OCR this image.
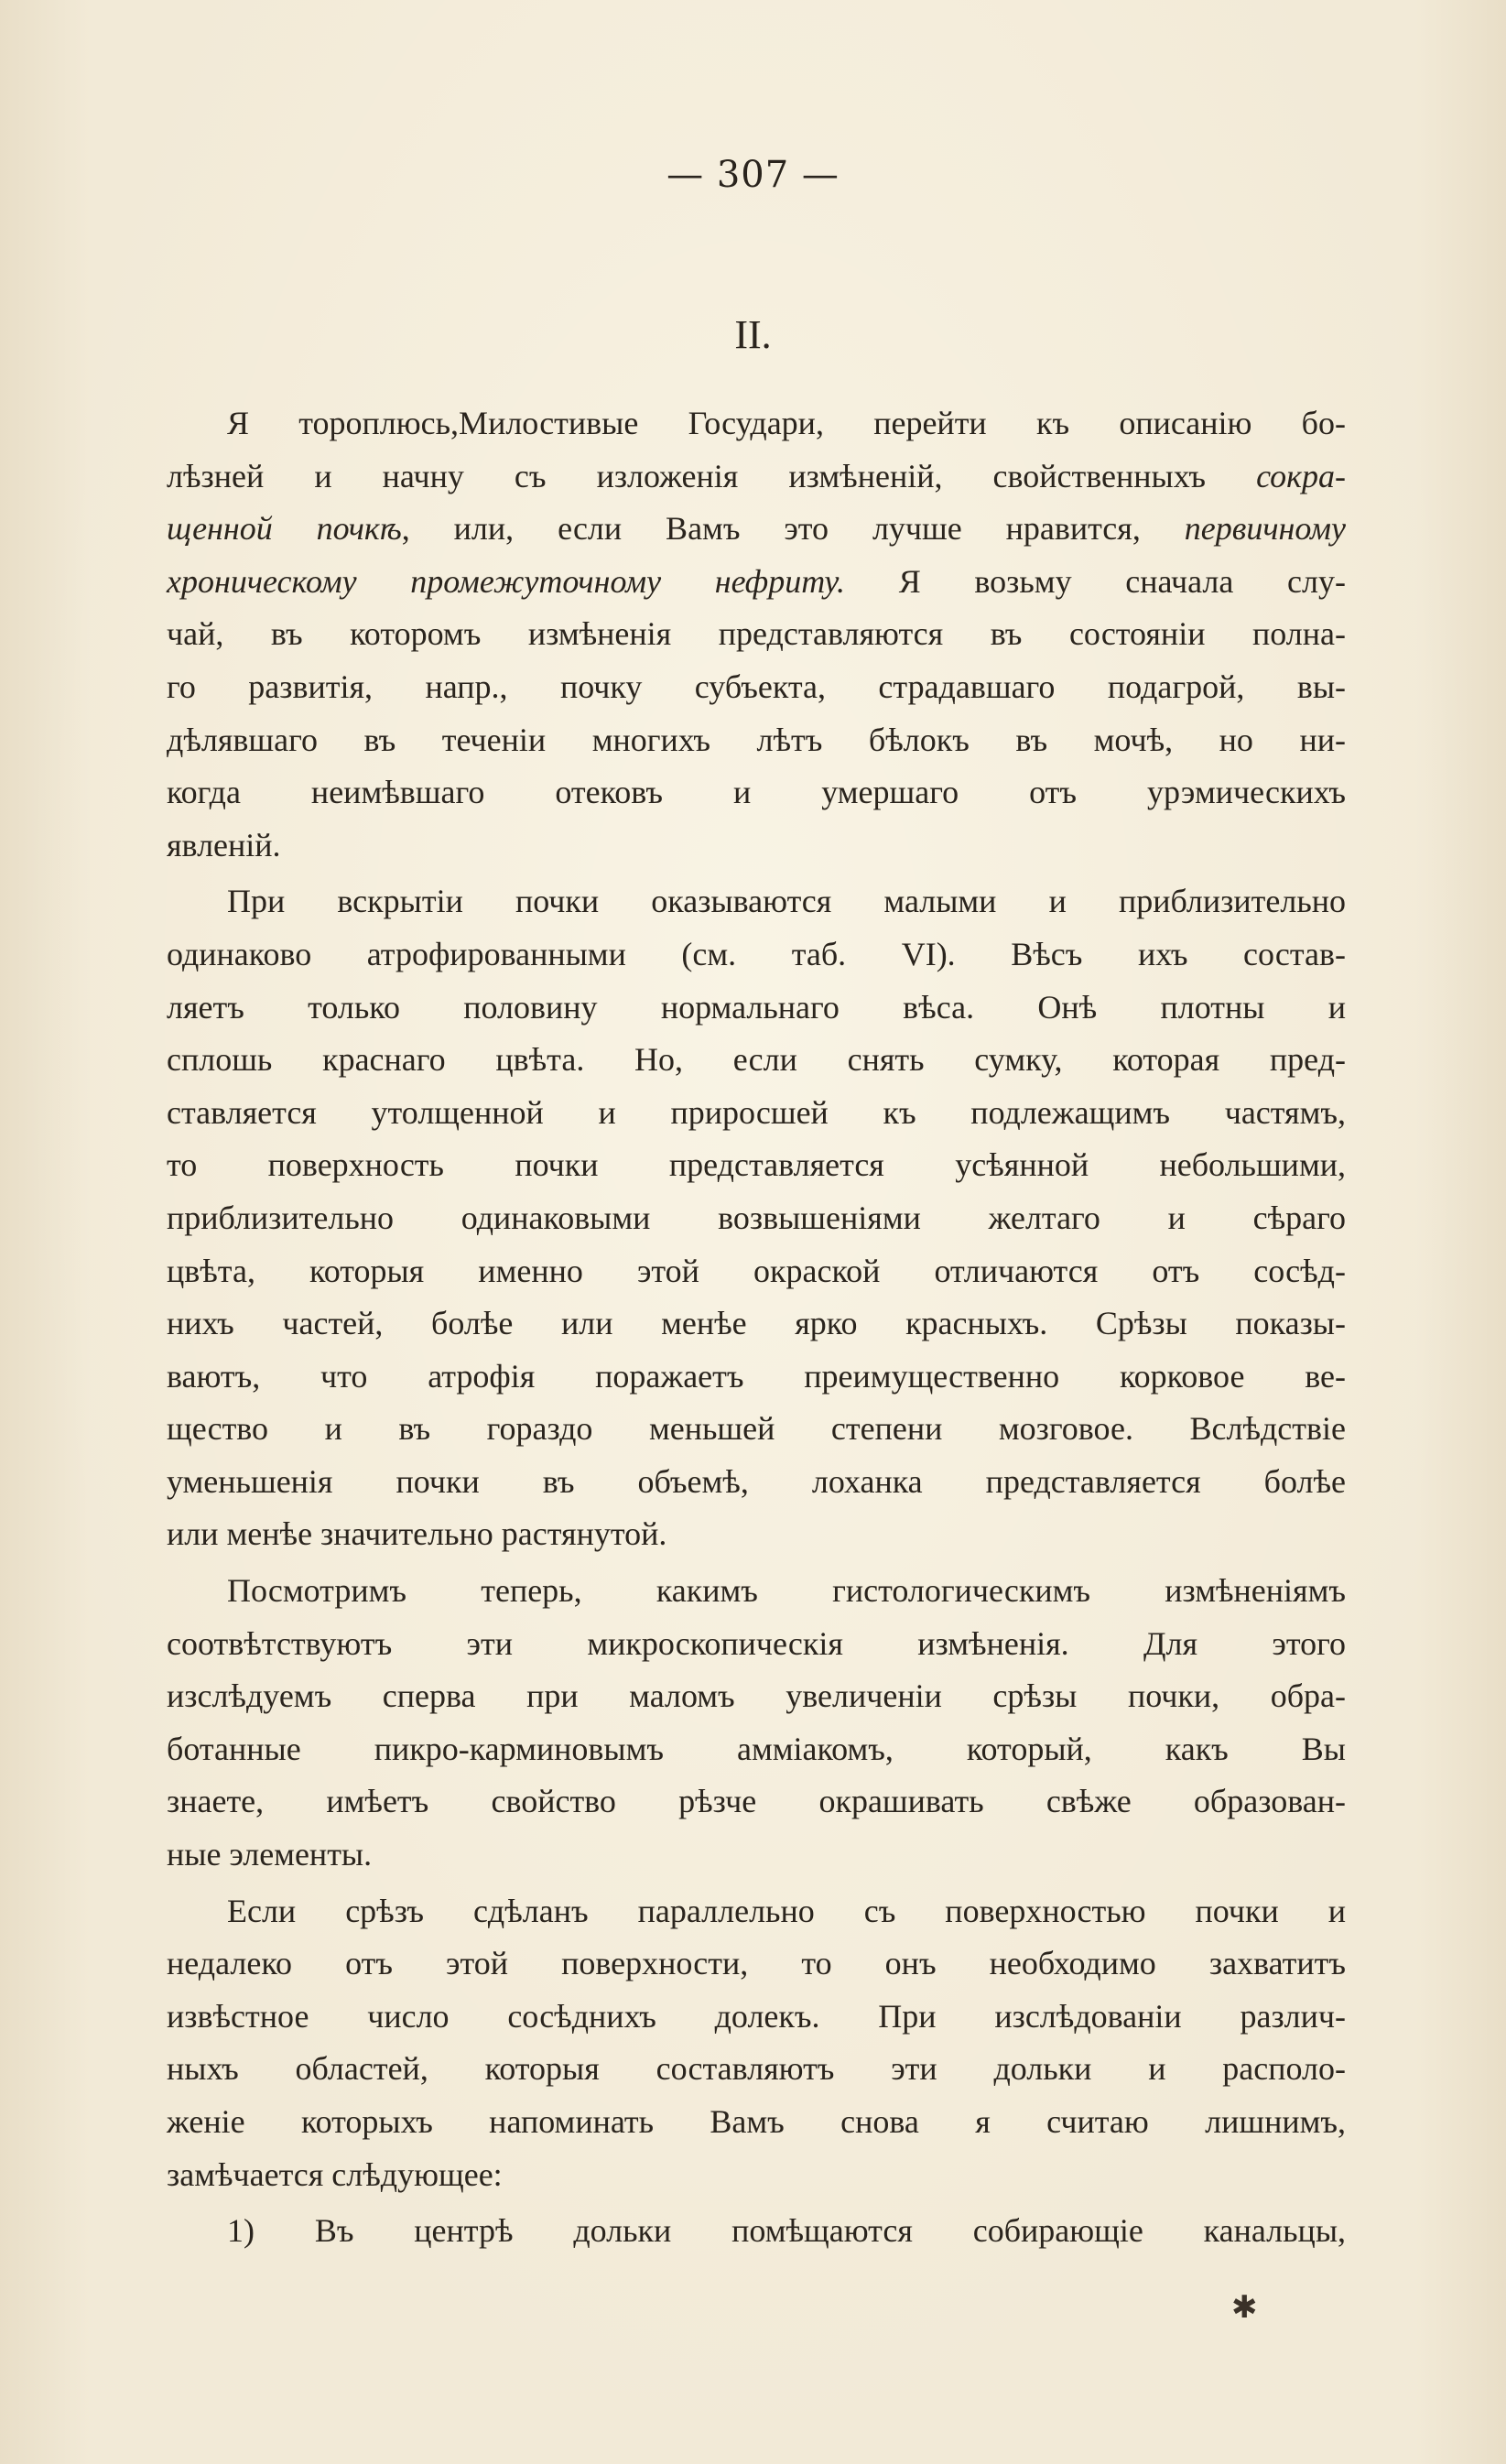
— 307 —
II.
Я тороплюсь,Милостивые Государи, перейти къ описанію бо-
лѣзней и начну съ изложенія измѣненій, свойственныхъ сокра-
щенной почкѣ, или, если Вамъ это лучше нравится, первичному
хроническому промежуточному нефриту. Я возьму сначала слу-
чай, въ которомъ измѣненія представляются въ состояніи полна-
го развитія, напр., почку субъекта, страдавшаго подагрой, вы-
дѣлявшаго въ теченіи многихъ лѣтъ бѣлокъ въ мочѣ, но ни-
когда неимѣвшаго отековъ и умершаго отъ урэмическихъ
явленій.
При вскрытіи почки оказываются малыми и приблизительно
одинаково атрофированными (см. таб. VI). Вѣсъ ихъ состав-
ляетъ только половину нормальнаго вѣса. Онѣ плотны и
сплошь краснаго цвѣта. Но, если снять сумку, которая пред-
ставляется утолщенной и приросшей къ подлежащимъ частямъ,
то поверхность почки представляется усѣянной небольшими,
приблизительно одинаковыми возвышеніями желтаго и сѣраго
цвѣта, которыя именно этой окраской отличаются отъ сосѣд-
нихъ частей, болѣе или менѣе ярко красныхъ. Срѣзы показы-
ваютъ, что атрофія поражаетъ преимущественно корковое ве-
щество и въ гораздо меньшей степени мозговое. Вслѣдствіе
уменьшенія почки въ объемѣ, лоханка представляется болѣе
или менѣе значительно растянутой.
Посмотримъ теперь, какимъ гистологическимъ измѣненіямъ
соотвѣтствуютъ эти микроскопическія измѣненія. Для этого
изслѣдуемъ сперва при маломъ увеличеніи срѣзы почки, обра-
ботанные пикро-карминовымъ аммiакомъ, который, какъ Вы
знаете, имѣетъ свойство рѣзче окрашивать свѣже образован-
ные элементы.
Если срѣзъ сдѣланъ параллельно съ поверхностью почки и
недалеко отъ этой поверхности, то онъ необходимо захватитъ
извѣстное число сосѣднихъ долекъ. При изслѣдованіи различ-
ныхъ областей, которыя составляютъ эти дольки и располо-
женіе которыхъ напоминать Вамъ снова я считаю лишнимъ,
замѣчается слѣдующее:
1) Въ центрѣ дольки помѣщаются собирающіе канальцы,
✱
